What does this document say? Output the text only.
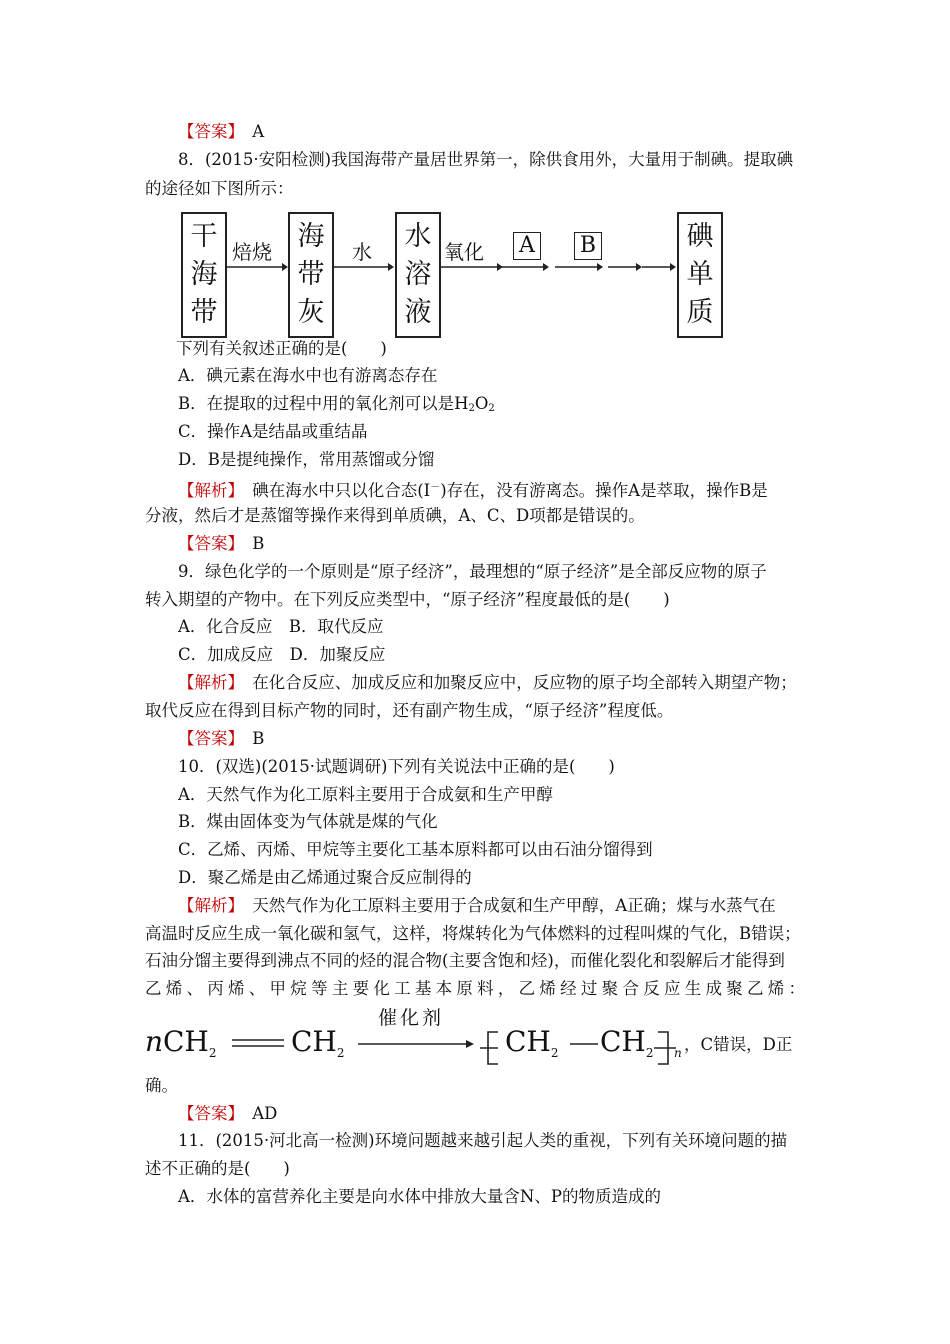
【答案】　 A
8．(2015·安阳检测)我国海带产量居世界第一，除供食用外，大量用于制碘。提取碘
的途径如下图所示：
干
海
带
焙烧 海
带
灰
水 水
溶
液
氧化 A B	碘
单
质
下列有关叙述正确的是(　　)
A．碘元素在海水中也有游离态存在
B．在提取的过程中用的氧化剂可以是$H_2O_2$
C．操作A是结晶或重结晶
D．B是提纯操作，常用蒸馏或分馏
【解析】　碘在海水中只以化合态(I－)存在，没有游离态。操作A是萃取，操作B是
分液，然后才是蒸馏等操作来得到单质碘，A、C、D项都是错误的。
【答案】　 B
9．绿色化学的一个原则是“原子经济”，最理想的“原子经济”是全部反应物的原子
转入期望的产物中。在下列反应类型中，“原子经济”程度最低的是(　　)
A．化合反应　B．取代反应
C．加成反应　D．加聚反应
【解析】　在化合反应、加成反应和加聚反应中，反应物的原子均全部转入期望产物；
取代反应在得到目标产物的同时，还有副产物生成，“原子经济”程度低。
【答案】　 B
10．(双选)(2015·试题调研)下列有关说法中正确的是(　　)
A．天然气作为化工原料主要用于合成氨和生产甲醇
B．煤由固体变为气体就是煤的气化
C．乙烯、丙烯、甲烷等主要化工基本原料都可以由石油分馏得到
D．聚乙烯是由乙烯通过聚合反应制得的
【解析】　天然气作为化工原料主要用于合成氨和生产甲醇，A正确；煤与水蒸气在
高温时反应生成一氧化碳和氢气，这样，将煤转化为气体燃料的过程叫煤的气化，B错误；
石油分馏主要得到沸点不同的烃的混合物(主要含饱和烃)，而催化裂化和裂解后才能得到
乙烯、丙烯、甲烷等主要化工基本原料，乙烯经过聚合反应生成聚乙烯：
n $CH_2$	$CH_2$
催化剂
$CH_2$ $CH_2$ n ，C错误，D正
确。
【答案】　 AD
11．(2015·河北高一检测)环境问题越来越引起人类的重视，下列有关环境问题的描
述不正确的是(　　)
A．水体的富营养化主要是向水体中排放大量含N、P的物质造成的
